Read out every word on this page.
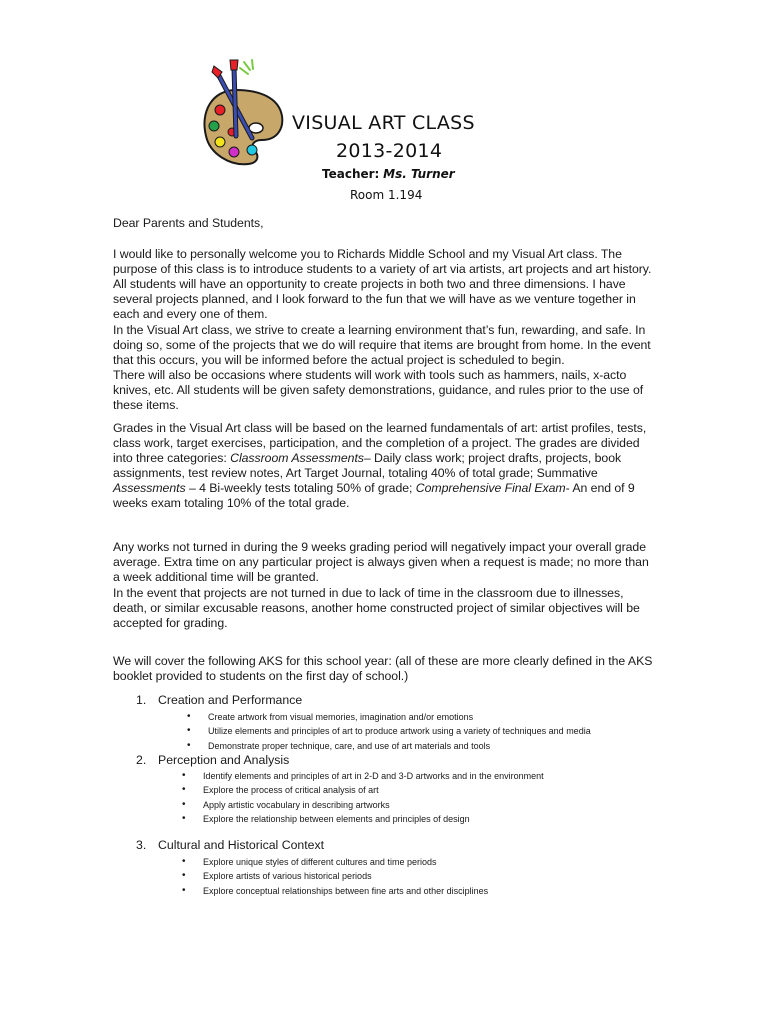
VISUAL ART CLASS
2013-2014
Teacher: Ms. Turner
Room 1.194

Dear Parents and Students,

I would like to personally welcome you to Richards Middle School and my Visual Art class. The purpose of this class is to introduce students to a variety of art via artists, art projects and art history. All students will have an opportunity to create projects in both two and three dimensions. I have several projects planned, and I look forward to the fun that we will have as we venture together in each and every one of them.

In the Visual Art class, we strive to create a learning environment that’s fun, rewarding, and safe. In doing so, some of the projects that we do will require that items are brought from home. In the event that this occurs, you will be informed before the actual project is scheduled to begin.
There will also be occasions where students will work with tools such as hammers, nails, x-acto knives, etc. All students will be given safety demonstrations, guidance, and rules prior to the use of these items.

Grades in the Visual Art class will be based on the learned fundamentals of art: artist profiles, tests, class work, target exercises, participation, and the completion of a project. The grades are divided into three categories: Classroom Assessments– Daily class work; project drafts, projects, book assignments, test review notes, Art Target Journal, totaling 40% of total grade; Summative Assessments – 4 Bi-weekly tests totaling 50% of grade; Comprehensive Final Exam- An end of 9 weeks exam totaling 10% of the total grade.

Any works not turned in during the 9 weeks grading period will negatively impact your overall grade average. Extra time on any particular project is always given when a request is made; no more than a week additional time will be granted.

In the event that projects are not turned in due to lack of time in the classroom due to illnesses, death, or similar excusable reasons, another home constructed project of similar objectives will be accepted for grading.

We will cover the following AKS for this school year: (all of these are more clearly defined in the AKS booklet provided to students on the first day of school.)

1. Creation and Performance
• Create artwork from visual memories, imagination and/or emotions
• Utilize elements and principles of art to produce artwork using a variety of techniques and media
• Demonstrate proper technique, care, and use of art materials and tools
2. Perception and Analysis
• Identify elements and principles of art in 2-D and 3-D artworks and in the environment
• Explore the process of critical analysis of art
• Apply artistic vocabulary in describing artworks
• Explore the relationship between elements and principles of design
3. Cultural and Historical Context
• Explore unique styles of different cultures and time periods
• Explore artists of various historical periods
• Explore conceptual relationships between fine arts and other disciplines
